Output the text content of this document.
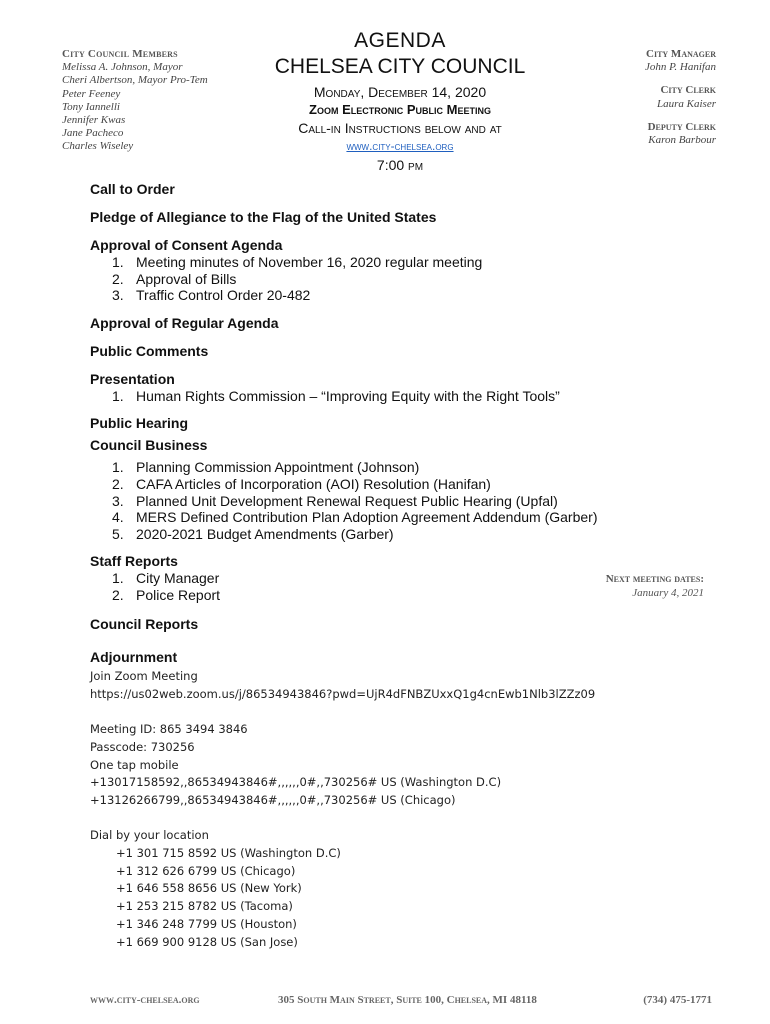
City Council Members
Melissa A. Johnson, Mayor
Cheri Albertson, Mayor Pro-Tem
Peter Feeney
Tony Iannelli
Jennifer Kwas
Jane Pacheco
Charles Wiseley
AGENDA
CHELSEA CITY COUNCIL
Monday, December 14, 2020
Zoom Electronic Public Meeting
Call-in Instructions below and at
www.city-chelsea.org
7:00 pm
City Manager
John P. Hanifan
City Clerk
Laura Kaiser
Deputy Clerk
Karon Barbour
Call to Order
Pledge of Allegiance to the Flag of the United States
Approval of Consent Agenda
1. Meeting minutes of November 16, 2020 regular meeting
2. Approval of Bills
3. Traffic Control Order 20-482
Approval of Regular Agenda
Public Comments
Presentation
1. Human Rights Commission – “Improving Equity with the Right Tools”
Public Hearing
Council Business
1. Planning Commission Appointment (Johnson)
2. CAFA Articles of Incorporation (AOI) Resolution (Hanifan)
3. Planned Unit Development Renewal Request Public Hearing (Upfal)
4. MERS Defined Contribution Plan Adoption Agreement Addendum (Garber)
5. 2020-2021 Budget Amendments (Garber)
Staff Reports
1. City Manager
2. Police Report
Council Reports
Adjournment
Next meeting dates:
January 4, 2021
Join Zoom Meeting
https://us02web.zoom.us/j/86534943846?pwd=UjR4dFNBZUxxQ1g4cnEwb1Nlb3lZZz09
Meeting ID: 865 3494 3846
Passcode: 730256
One tap mobile
+13017158592,,86534943846#,,,,,,0#,,730256# US (Washington D.C)
+13126266799,,86534943846#,,,,,,0#,,730256# US (Chicago)
Dial by your location
+1 301 715 8592 US (Washington D.C)
+1 312 626 6799 US (Chicago)
+1 646 558 8656 US (New York)
+1 253 215 8782 US (Tacoma)
+1 346 248 7799 US (Houston)
+1 669 900 9128 US (San Jose)
www.city-chelsea.org	305 South Main Street, Suite 100, Chelsea, MI 48118	(734) 475-1771
